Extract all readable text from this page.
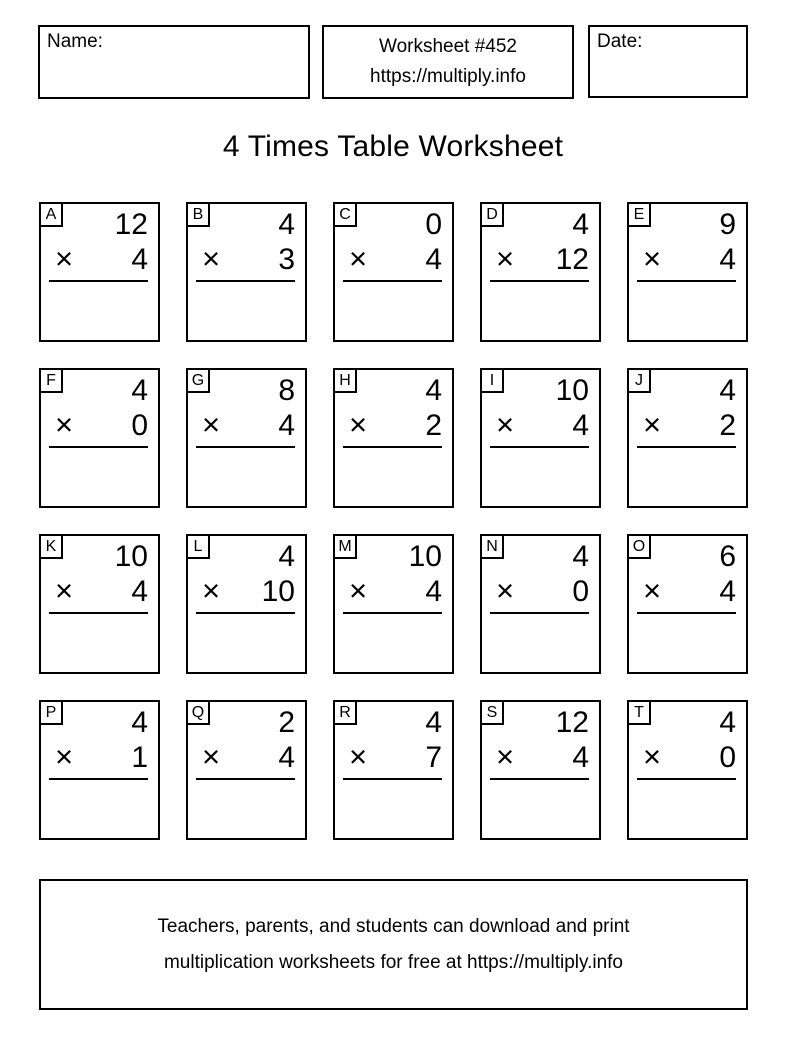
Name:	Worksheet #452
https://multiply.info
Date:
4 Times Table Worksheet
A	12
× 4
B	4
× 3
C	0
× 4
D	4
× 12
E	9
× 4
F	4
× 0
G	8
× 4
H	4
× 2
I	10
× 4
J	4
× 2
K	10
× 4
L	4
× 10
M	10
× 4
N	4
× 0
O	6
× 4
P	4
× 1
Q	2
× 4
R	4
× 7
S	12
× 4
T	4
× 0
Teachers, parents, and students can download and print
multiplication worksheets for free at https://multiply.info
